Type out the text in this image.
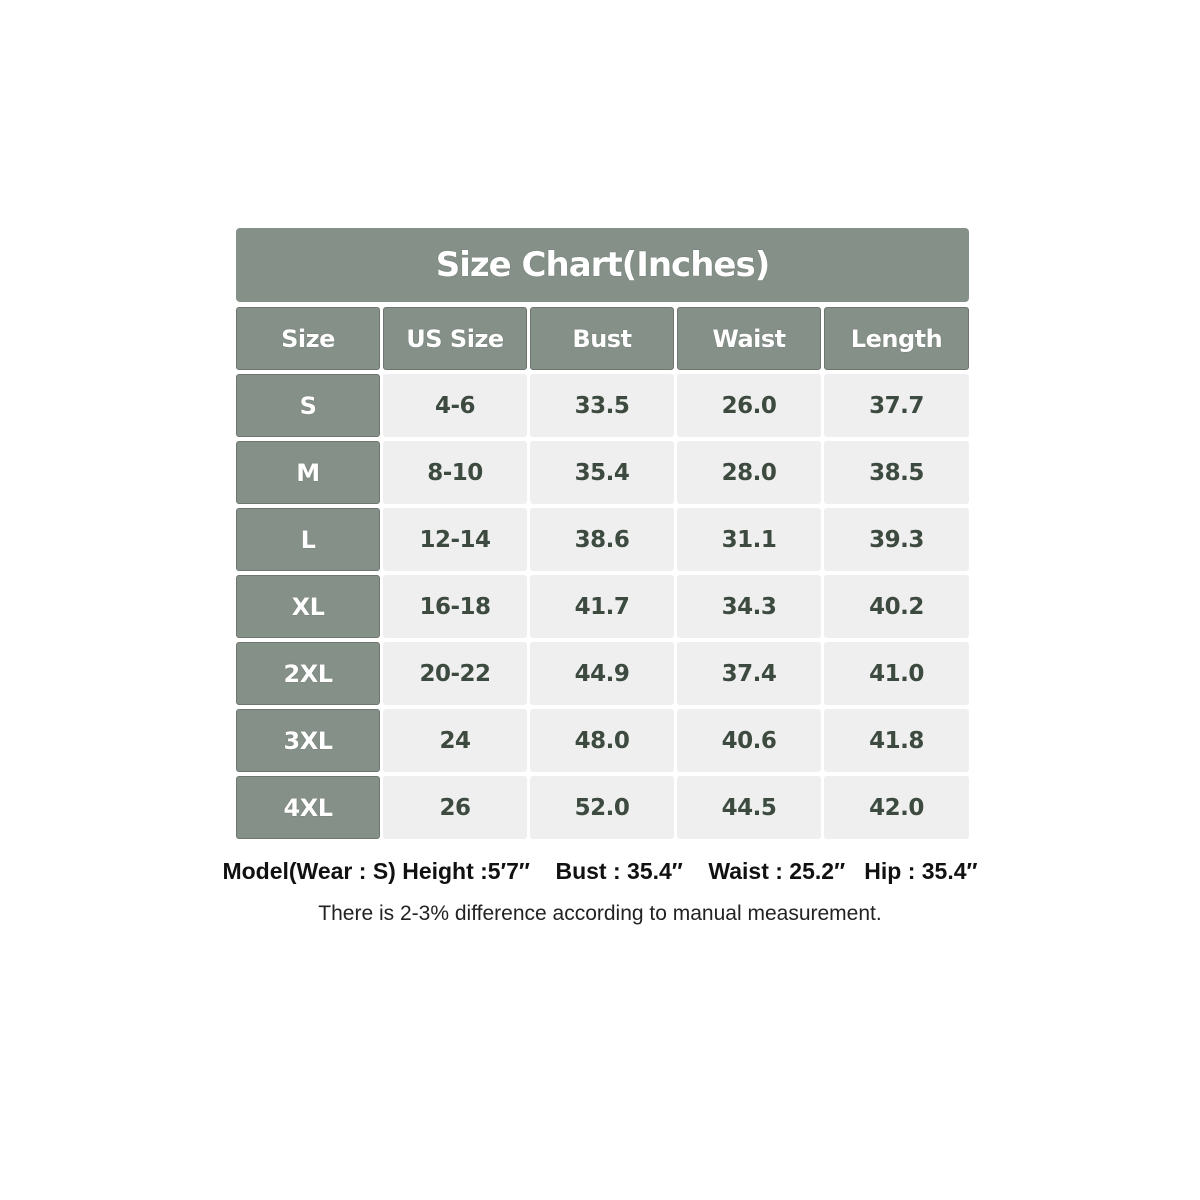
Size Chart(Inches)
Size	US Size	Bust	Waist	Length
S	4-6	33.5	26.0	37.7
M	8-10	35.4	28.0	38.5
L	12-14	38.6	31.1	39.3
XL	16-18	41.7	34.3	40.2
2XL	20-22	44.9	37.4	41.0
3XL	24	48.0	40.6	41.8
4XL	26	52.0	44.5	42.0
Model(Wear : S) Height :5′7″    Bust : 35.4″    Waist : 25.2″   Hip : 35.4″
There is 2-3% difference according to manual measurement.
